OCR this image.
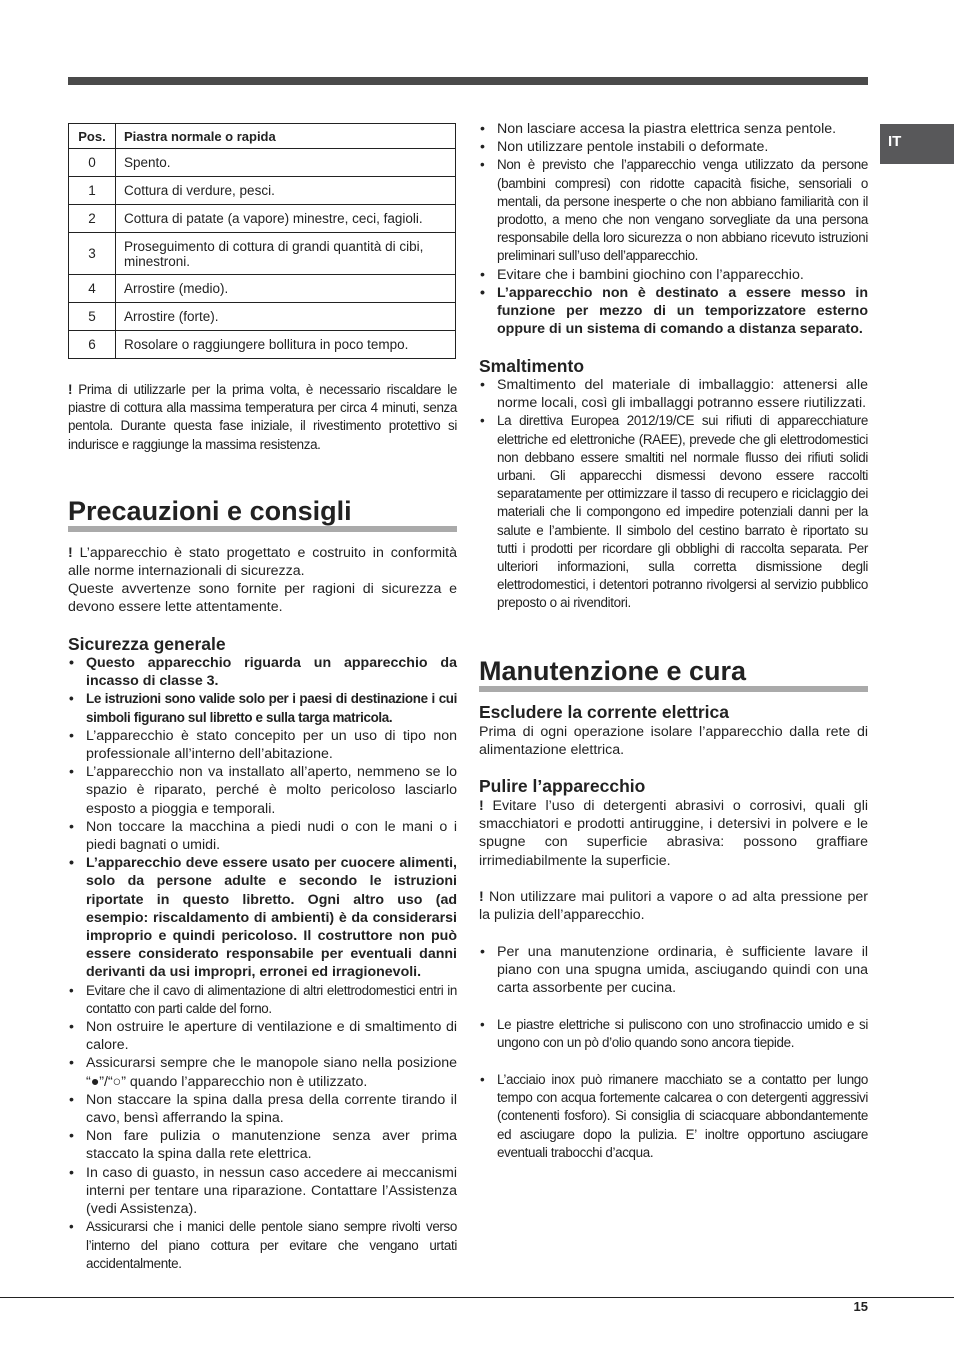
IT
Pos.	Piastra normale o rapida
0	Spento.
1	Cottura di verdure, pesci.
2	Cottura di patate (a vapore) minestre, ceci, fagioli.
3	Proseguimento di cottura di grandi quantità di cibi, minestroni.
4	Arrostire (medio).
5	Arrostire (forte).
6	Rosolare o raggiungere bollitura in poco tempo.

! Prima di utilizzarle per la prima volta, è necessario riscaldare le piastre di cottura alla massima temperatura per circa 4 minuti, senza pentola. Durante questa fase iniziale, il rivestimento protettivo si indurisce e raggiunge la massima resistenza.

Precauzioni e consigli

! L’apparecchio è stato progettato e costruito in conformità alle norme internazionali di sicurezza.

Queste avvertenze sono fornite per ragioni di sicurezza e devono essere lette attentamente.

Sicurezza generale
• Questo apparecchio riguarda un apparecchio da incasso di classe 3.
• Le istruzioni sono valide solo per i paesi di destinazione i cui simboli figurano sul libretto e sulla targa matricola.
• L’apparecchio è stato concepito per un uso di tipo non professionale all’interno dell’abitazione.
• L’apparecchio non va installato all’aperto, nemmeno se lo spazio è riparato, perché è molto pericoloso lasciarlo esposto a pioggia e temporali.
• Non toccare la macchina a piedi nudi o con le mani o i piedi bagnati o umidi.
• L’apparecchio deve essere usato per cuocere alimenti, solo da persone adulte e secondo le istruzioni riportate in questo libretto. Ogni altro uso (ad esempio: riscaldamento di ambienti) è da considerarsi improprio e quindi pericoloso. Il costruttore non può essere considerato responsabile per eventuali danni derivanti da usi impropri, erronei ed irragionevoli.
• Evitare che il cavo di alimentazione di altri elettrodomestici entri in contatto con parti calde del forno.
• Non ostruire le aperture di ventilazione e di smaltimento di calore.
• Assicurarsi sempre che le manopole siano nella posizione “●”/“○” quando l’apparecchio non è utilizzato.
• Non staccare la spina dalla presa della corrente tirando il cavo, bensì afferrando la spina.
• Non fare pulizia o manutenzione senza aver prima staccato la spina dalla rete elettrica.
• In caso di guasto, in nessun caso accedere ai meccanismi interni per tentare una riparazione. Contattare l’Assistenza (vedi Assistenza).
• Assicurarsi che i manici delle pentole siano sempre rivolti verso l’interno del piano cottura per evitare che vengano urtati accidentalmente.
• Non lasciare accesa la piastra elettrica senza pentole.
• Non utilizzare pentole instabili o deformate.
• Non è previsto che l’apparecchio venga utilizzato da persone (bambini compresi) con ridotte capacità fisiche, sensoriali o mentali, da persone inesperte o che non abbiano familiarità con il prodotto, a meno che non vengano sorvegliate da una persona responsabile della loro sicurezza o non abbiano ricevuto istruzioni preliminari sull’uso dell’apparecchio.
• Evitare che i bambini giochino con l’apparecchio.
• L’apparecchio non è destinato a essere messo in funzione per mezzo di un temporizzatore esterno oppure di un sistema di comando a distanza separato.
Smaltimento
• Smaltimento del materiale di imballaggio: attenersi alle norme locali, così gli imballaggi potranno essere riutilizzati.
• La direttiva Europea 2012/19/CE sui rifiuti di apparecchiature elettriche ed elettroniche (RAEE), prevede che gli elettrodomestici non debbano essere smaltiti nel normale flusso dei rifiuti solidi urbani. Gli apparecchi dismessi devono essere raccolti separatamente per ottimizzare il tasso di recupero e riciclaggio dei materiali che li compongono ed impedire potenziali danni per la salute e l’ambiente. Il simbolo del cestino barrato è riportato su tutti i prodotti per ricordare gli obblighi di raccolta separata. Per ulteriori informazioni, sulla corretta dismissione degli elettrodomestici, i detentori potranno rivolgersi al servizio pubblico preposto o ai rivenditori.
Manutenzione e cura
Escludere la corrente elettrica

Prima di ogni operazione isolare l’apparecchio dalla rete di alimentazione elettrica.

Pulire l’apparecchio

! Evitare l’uso di detergenti abrasivi o corrosivi, quali gli smacchiatori e prodotti antiruggine, i detersivi in polvere e le spugne con superficie abrasiva: possono graffiare irrimediabilmente la superficie.

! Non utilizzare mai pulitori a vapore o ad alta pressione per la pulizia dell’apparecchio.

• Per una manutenzione ordinaria, è sufficiente lavare il piano con una spugna umida, asciugando quindi con una carta assorbente per cucina.
• Le piastre elettriche si puliscono con uno strofinaccio umido e si ungono con un pò d’olio quando sono ancora tiepide.
• L’acciaio inox può rimanere macchiato se a contatto per lungo tempo con acqua fortemente calcarea o con detergenti aggressivi (contenenti fosforo). Si consiglia di sciacquare abbondantemente ed asciugare dopo la pulizia. E’ inoltre opportuno asciugare eventuali trabocchi d’acqua.
15
